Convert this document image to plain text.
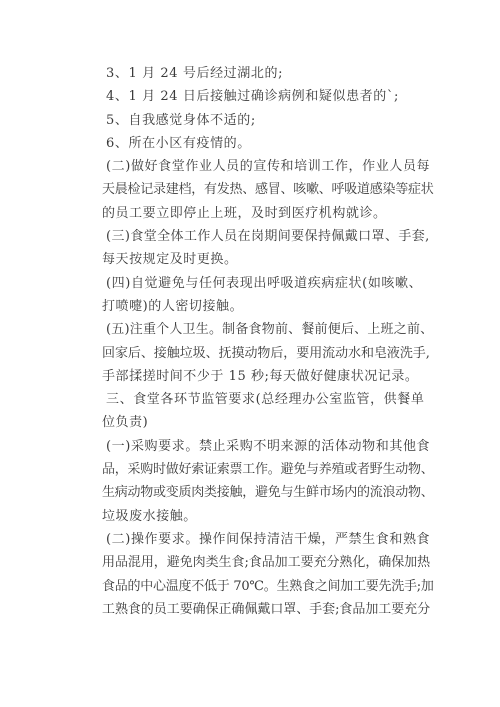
3、1 月 24 号后经过湖北的;
4、1 月 24 日后接触过确诊病例和疑似患者的`;
5、自我感觉身体不适的;
6、所在小区有疫情的。
(二)做好食堂作业人员的宣传和培训工作，作业人员每
天晨检记录建档，有发热、感冒、咳嗽、呼吸道感染等症状
的员工要立即停止上班，及时到医疗机构就诊。
(三)食堂全体工作人员在岗期间要保持佩戴口罩、手套,
每天按规定及时更换。
(四)自觉避免与任何表现出呼吸道疾病症状(如咳嗽、
打喷嚏)的人密切接触。
(五)注重个人卫生。制备食物前、餐前便后、上班之前、
回家后、接触垃圾、抚摸动物后，要用流动水和皂液洗手,
手部揉搓时间不少于 15 秒;每天做好健康状况记录。
三、食堂各环节监管要求(总经理办公室监管，供餐单
位负责)
(一)采购要求。禁止采购不明来源的活体动物和其他食
品，采购时做好索证索票工作。避免与养殖或者野生动物、
生病动物或变质肉类接触，避免与生鲜市场内的流浪动物、
垃圾废水接触。
(二)操作要求。操作间保持清洁干燥，严禁生食和熟食
用品混用，避免肉类生食;食品加工要充分熟化，确保加热
食品的中心温度不低于 70℃。生熟食之间加工要先洗手;加
工熟食的员工要确保正确佩戴口罩、手套;食品加工要充分
